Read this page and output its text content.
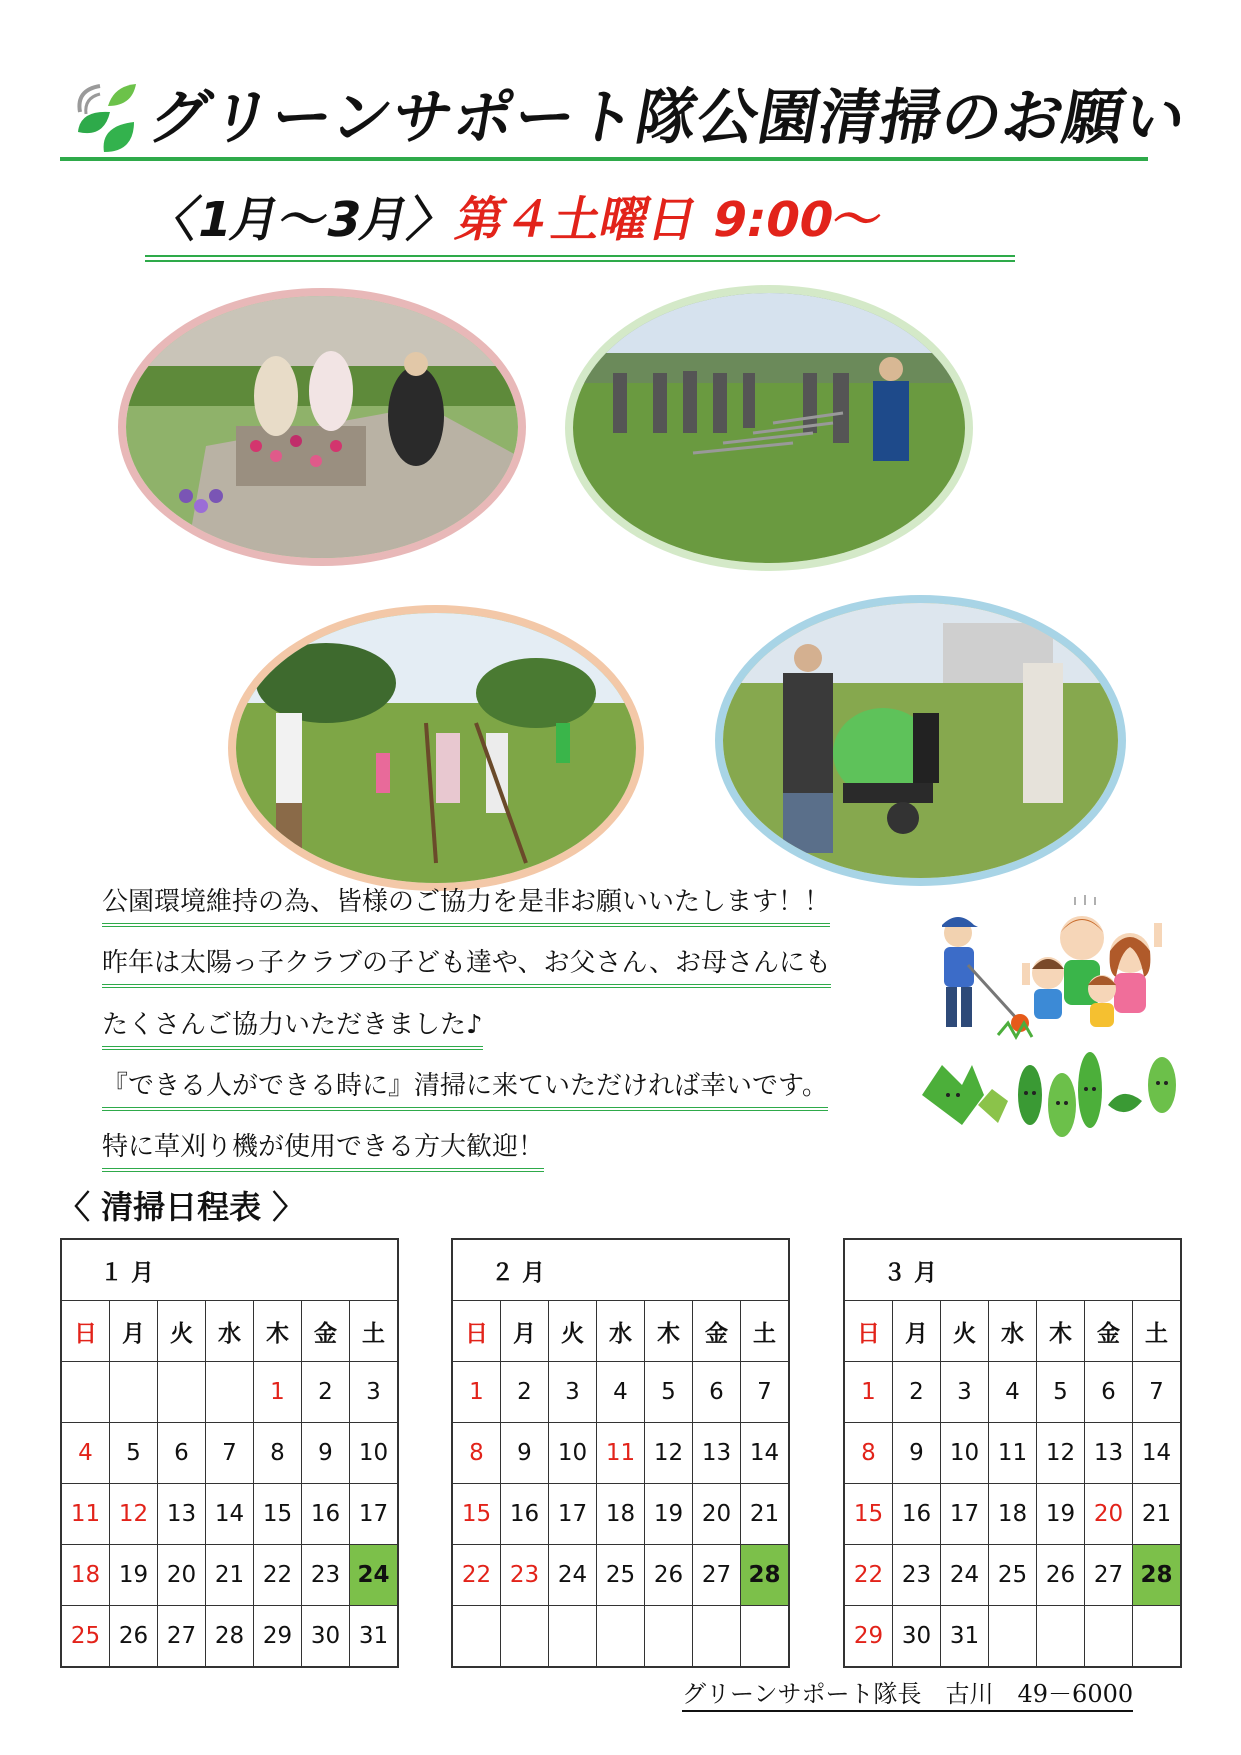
グリーンサポート隊公園清掃のお願い
〈1月〜3月〉第４土曜日 9:00〜
公園環境維持の為、皆様のご協力を是非お願いいたします！！
昨年は太陽っ子クラブの子ども達や、お父さん、お母さんにも
たくさんご協力いただきました♪
『できる人ができる時に』清掃に来ていただければ幸いです。
特に草刈り機が使用できる方大歓迎！
〈 清掃日程表 〉
１ 月						
日	月	火	水	木	金	土
				1	2	3
4	5	6	7	8	9	10
11	12	13	14	15	16	17
18	19	20	21	22	23	24
25	26	27	28	29	30	31
２ 月						
日	月	火	水	木	金	土
1	2	3	4	5	6	7
8	9	10	11	12	13	14
15	16	17	18	19	20	21
22	23	24	25	26	27	28

３ 月						
日	月	火	水	木	金	土
1	2	3	4	5	6	7
8	9	10	11	12	13	14
15	16	17	18	19	20	21
22	23	24	25	26	27	28
29	30	31				
グリーンサポート隊長　古川　49－6000
